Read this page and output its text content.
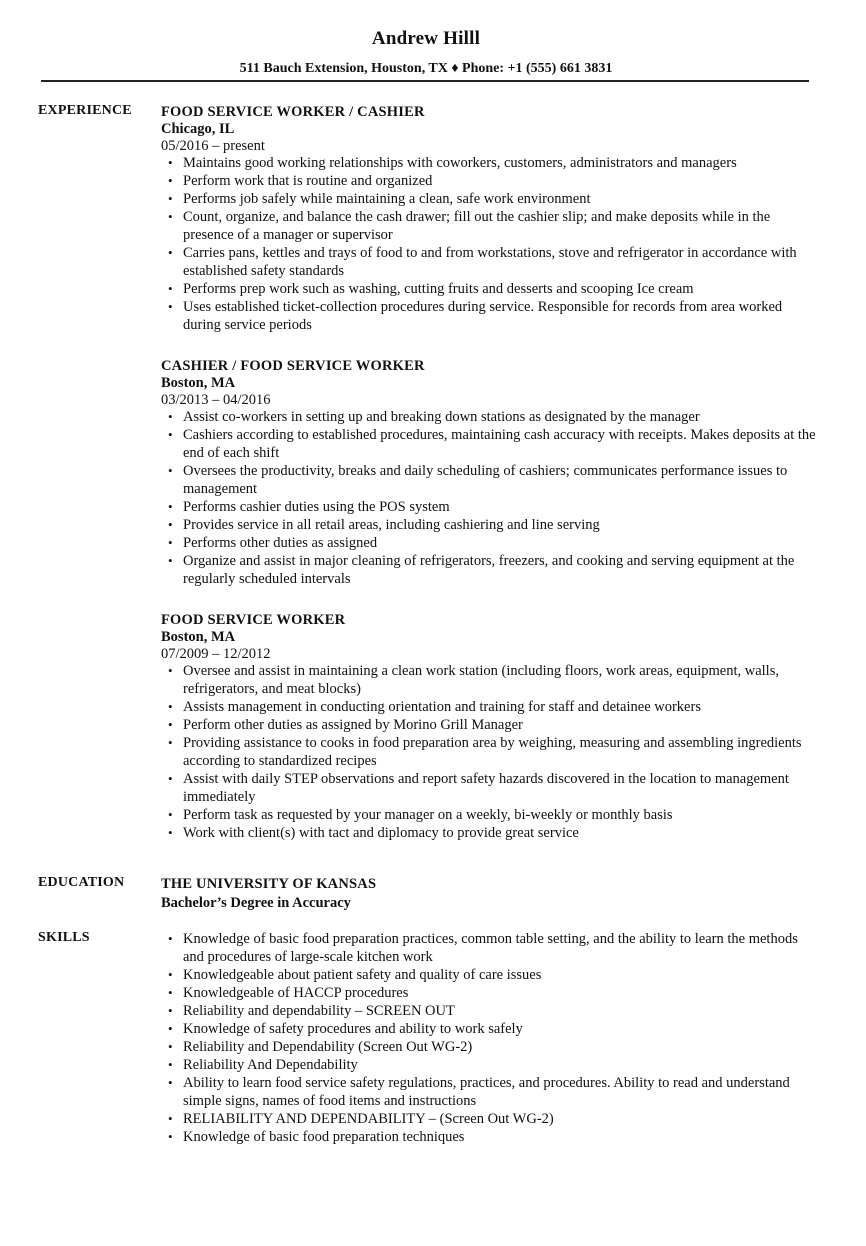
Andrew Hilll
511 Bauch Extension, Houston, TX ♦ Phone: +1 (555) 661 3831
EXPERIENCE FOOD SERVICE WORKER / CASHIER
Chicago, IL
05/2016 – present
• Maintains good working relationships with coworkers, customers, administrators and managers
• Perform work that is routine and organized
• Performs job safely while maintaining a clean, safe work environment
• Count, organize, and balance the cash drawer; fill out the cashier slip; and make deposits while in the presence of a manager or supervisor
• Carries pans, kettles and trays of food to and from workstations, stove and refrigerator in accordance with established safety standards
• Performs prep work such as washing, cutting fruits and desserts and scooping Ice cream
• Uses established ticket-collection procedures during service. Responsible for records from area worked during service periods
CASHIER / FOOD SERVICE WORKER
Boston, MA
03/2013 – 04/2016
• Assist co-workers in setting up and breaking down stations as designated by the manager
• Cashiers according to established procedures, maintaining cash accuracy with receipts. Makes deposits at the end of each shift
• Oversees the productivity, breaks and daily scheduling of cashiers; communicates performance issues to management
• Performs cashier duties using the POS system
• Provides service in all retail areas, including cashiering and line serving
• Performs other duties as assigned
• Organize and assist in major cleaning of refrigerators, freezers, and cooking and serving equipment at the regularly scheduled intervals
FOOD SERVICE WORKER
Boston, MA
07/2009 – 12/2012
• Oversee and assist in maintaining a clean work station (including floors, work areas, equipment, walls, refrigerators, and meat blocks)
• Assists management in conducting orientation and training for staff and detainee workers
• Perform other duties as assigned by Morino Grill Manager
• Providing assistance to cooks in food preparation area by weighing, measuring and assembling ingredients according to standardized recipes
• Assist with daily STEP observations and report safety hazards discovered in the location to management immediately
• Perform task as requested by your manager on a weekly, bi-weekly or monthly basis
• Work with client(s) with tact and diplomacy to provide great service
EDUCATION	THE UNIVERSITY OF KANSAS
Bachelor’s Degree in Accuracy
SKILLS
•	Knowledge of basic food preparation practices, common table setting, and the ability to learn the methods and procedures of large-scale kitchen work
• Knowledgeable about patient safety and quality of care issues
• Knowledgeable of HACCP procedures
• Reliability and dependability – SCREEN OUT
• Knowledge of safety procedures and ability to work safely
• Reliability and Dependability (Screen Out WG-2)
• Reliability And Dependability
• Ability to learn food service safety regulations, practices, and procedures. Ability to read and understand simple signs, names of food items and instructions
• RELIABILITY AND DEPENDABILITY – (Screen Out WG-2)
• Knowledge of basic food preparation techniques
